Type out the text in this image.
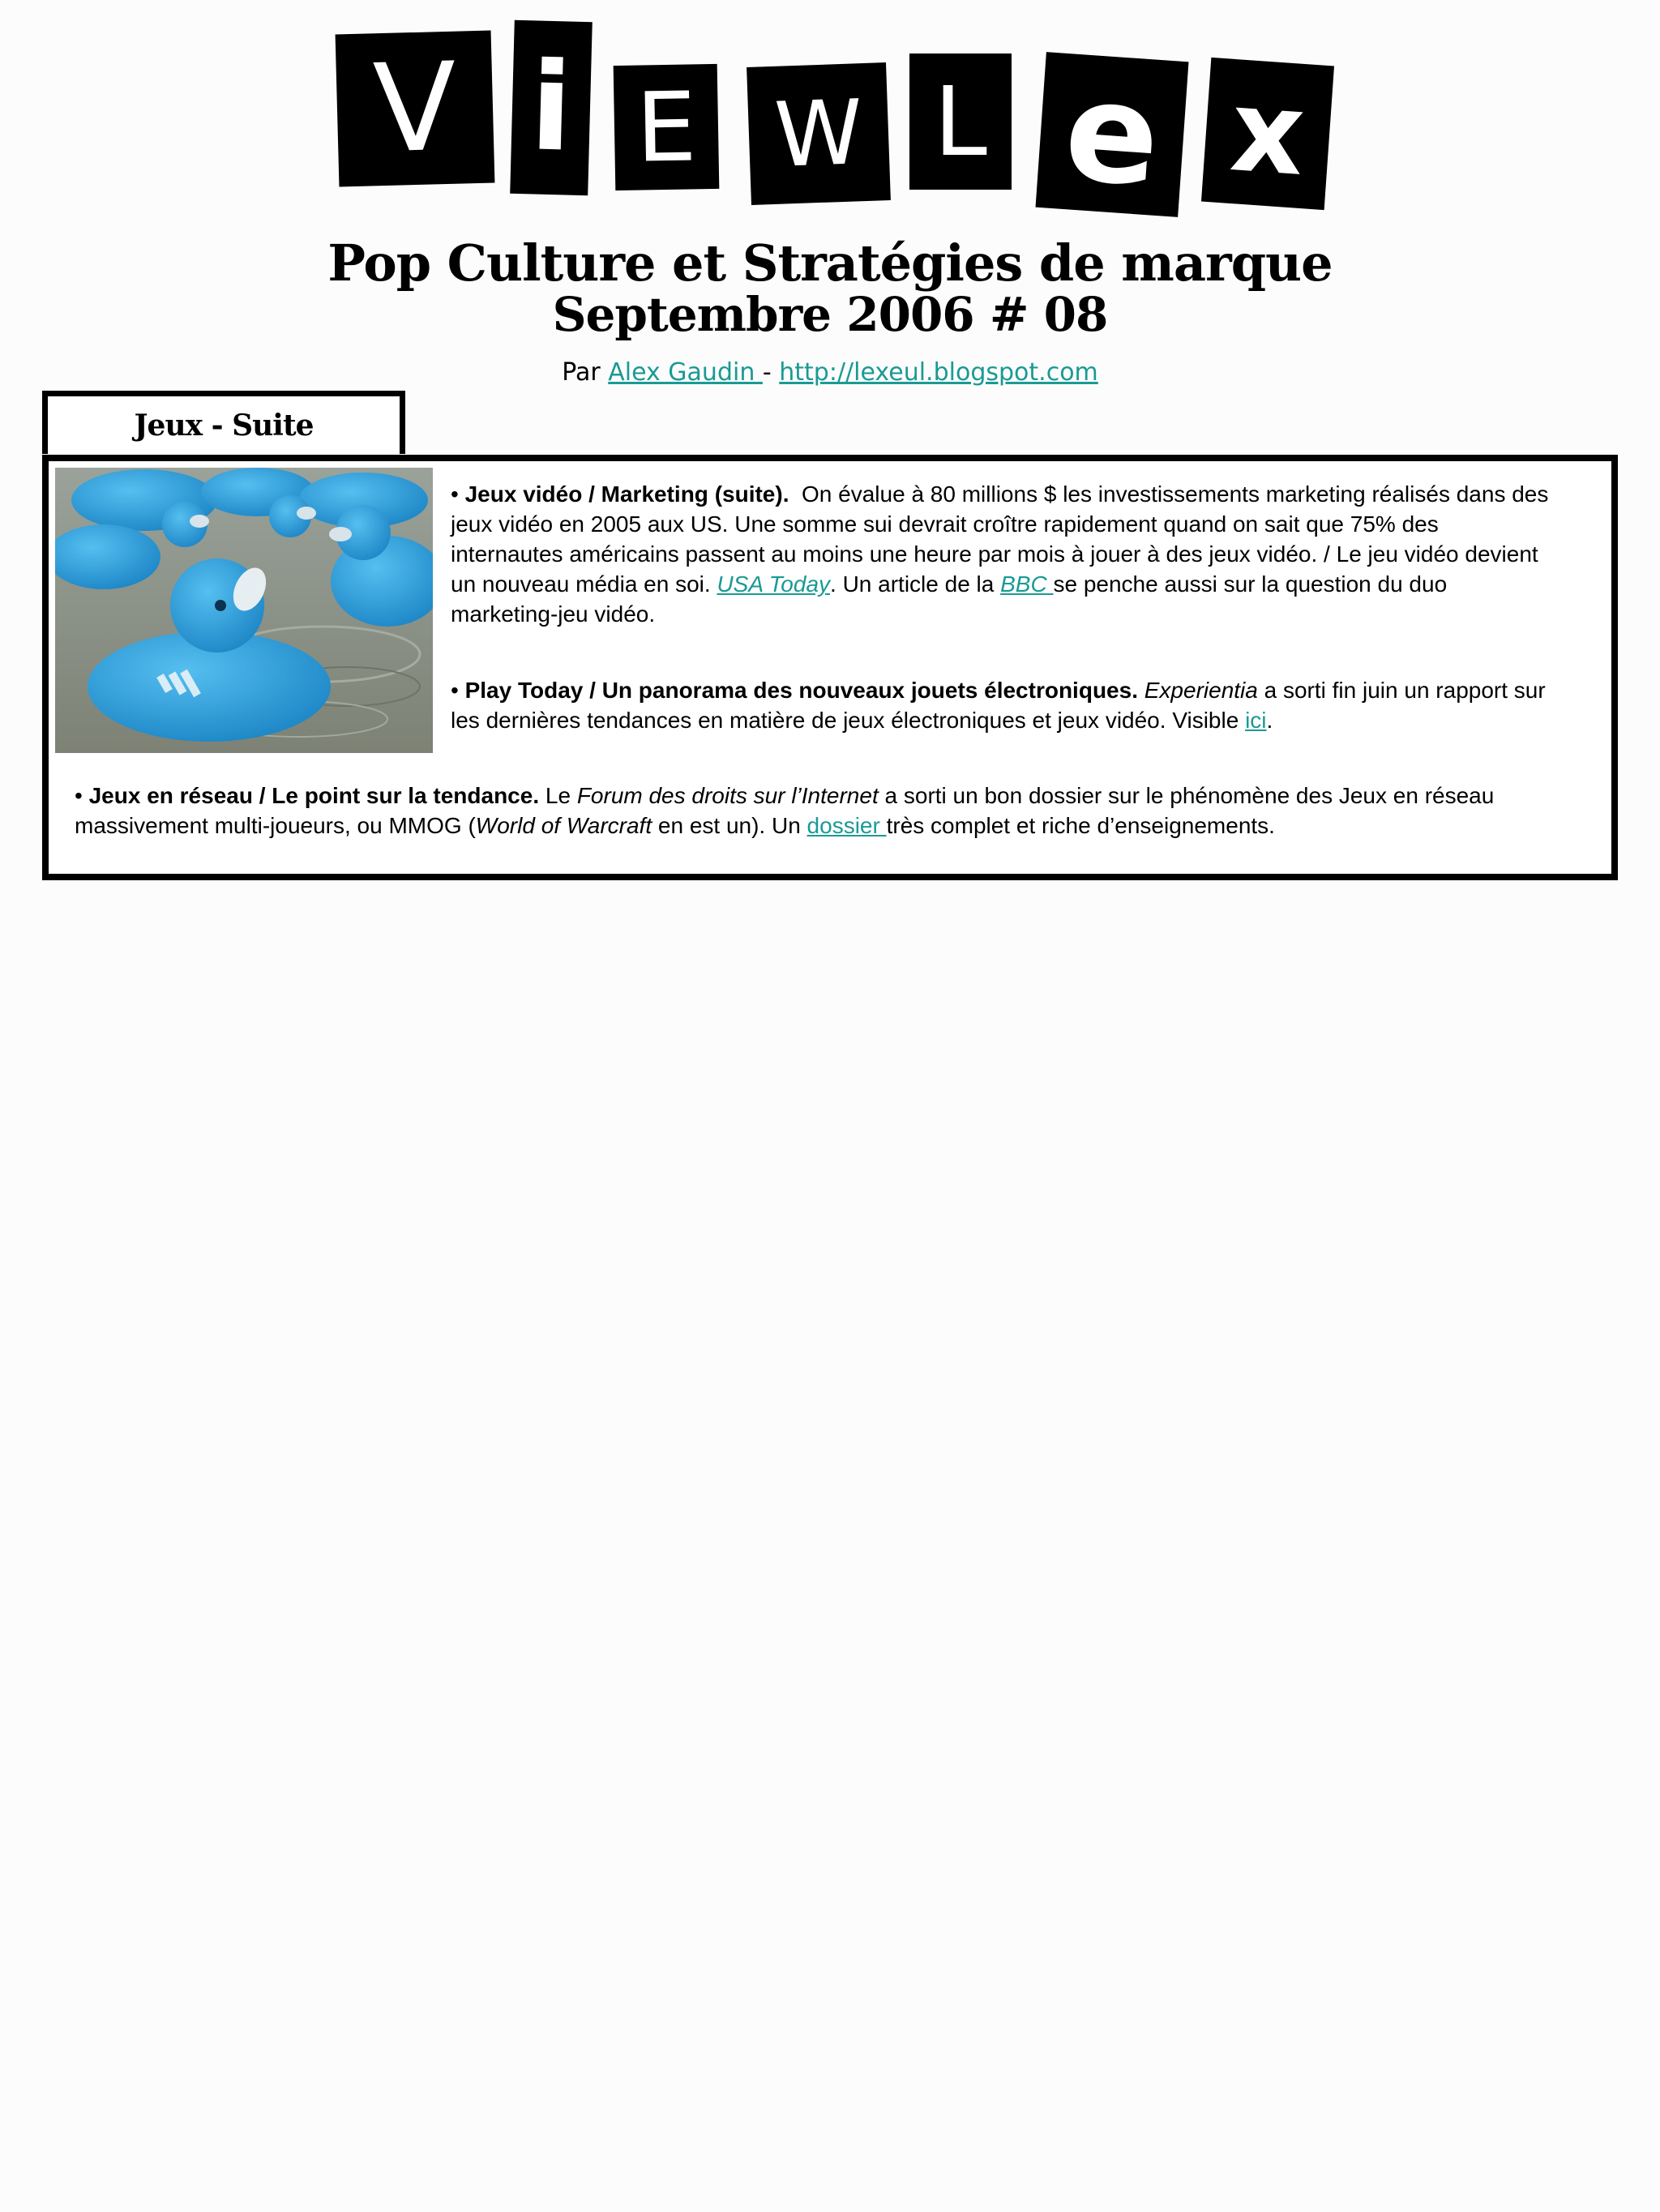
V i E W L e x
Pop Culture et Stratégies de marque
Septembre 2006 # 08
Par Alex Gaudin - http://lexeul.blogspot.com
Jeux - Suite
• Jeux vidéo / Marketing (suite).  On évalue à 80 millions $ les investissements marketing réalisés dans des jeux vidéo en 2005 aux US. Une somme sui devrait croître rapidement quand on sait que 75% des internautes américains passent au moins une heure par mois à jouer à des jeux vidéo. / Le jeu vidéo devient un nouveau média en soi. USA Today. Un article de la BBC se penche aussi sur la question du duo marketing-jeu vidéo.
• Play Today / Un panorama des nouveaux jouets électroniques. Experientia a sorti fin juin un rapport sur les dernières tendances en matière de jeux électroniques et jeux vidéo. Visible ici.
• Jeux en réseau / Le point sur la tendance. Le Forum des droits sur l’Internet a sorti un bon dossier sur le phénomène des Jeux en réseau massivement multi-joueurs, ou MMOG (World of Warcraft en est un). Un dossier très complet et riche d’enseignements.
